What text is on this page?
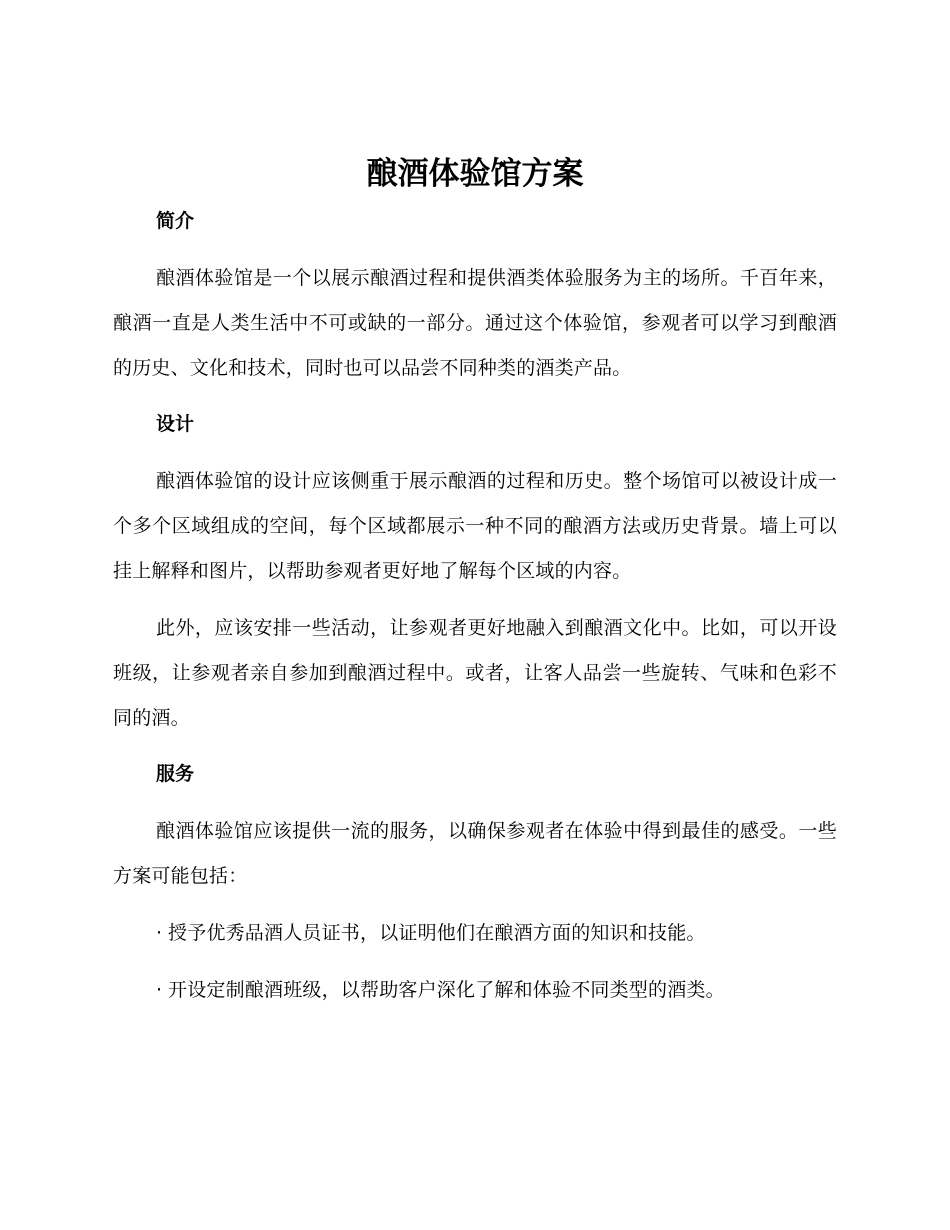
酿酒体验馆方案
简介

酿酒体验馆是一个以展示酿酒过程和提供酒类体验服务为主的场所。千百年来，酿酒一直是人类生活中不可或缺的一部分。通过这个体验馆，参观者可以学习到酿酒的历史、文化和技术，同时也可以品尝不同种类的酒类产品。

设计

酿酒体验馆的设计应该侧重于展示酿酒的过程和历史。整个场馆可以被设计成一个多个区域组成的空间，每个区域都展示一种不同的酿酒方法或历史背景。墙上可以挂上解释和图片，以帮助参观者更好地了解每个区域的内容。

此外，应该安排一些活动，让参观者更好地融入到酿酒文化中。比如，可以开设班级，让参观者亲自参加到酿酒过程中。或者，让客人品尝一些旋转、气味和色彩不同的酒。

服务

酿酒体验馆应该提供一流的服务，以确保参观者在体验中得到最佳的感受。一些方案可能包括：

· 授予优秀品酒人员证书，以证明他们在酿酒方面的知识和技能。
· 开设定制酿酒班级，以帮助客户深化了解和体验不同类型的酒类。
